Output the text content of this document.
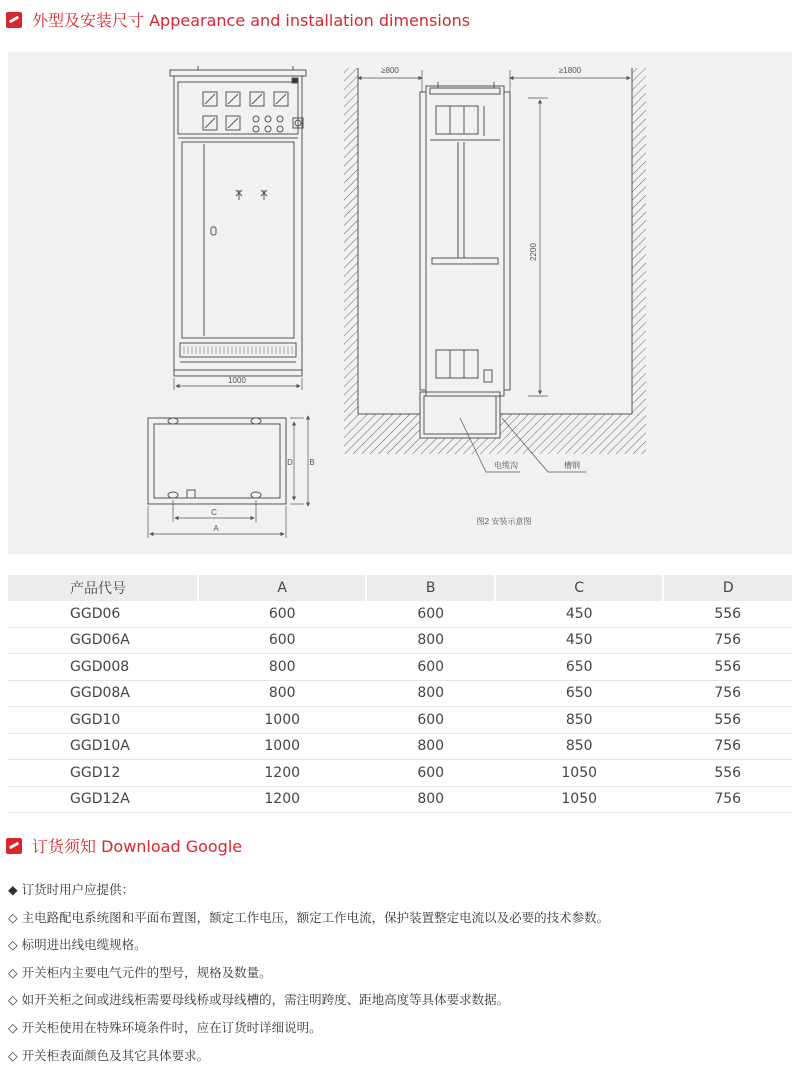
外型及安装尺寸 Appearance and installation dimensions
1000
C
A
D B
≥800	≥1800
2200
电缆沟	槽钢
图2 安装示意图
产品代号	A	B	C	D
GGD06	600	600	450	556
GGD06A	600	800	450	756
GGD008	800	600	650	556
GGD08A	800	800	650	756
GGD10	1000	600	850	556
GGD10A	1000	800	850	756
GGD12	1200	600	1050	556
GGD12A	1200	800	1050	756
订货须知 Download Google
◆ 订货时用户应提供：
◇ 主电路配电系统图和平面布置图，额定工作电压，额定工作电流，保护装置整定电流以及必要的技术参数。
◇ 标明进出线电缆规格。
◇ 开关柜内主要电气元件的型号，规格及数量。
◇ 如开关柜之间或进线柜需要母线桥或母线槽的，需注明跨度、距地高度等具体要求数据。
◇ 开关柜使用在特殊环境条件时，应在订货时详细说明。
◇ 开关柜表面颜色及其它具体要求。
